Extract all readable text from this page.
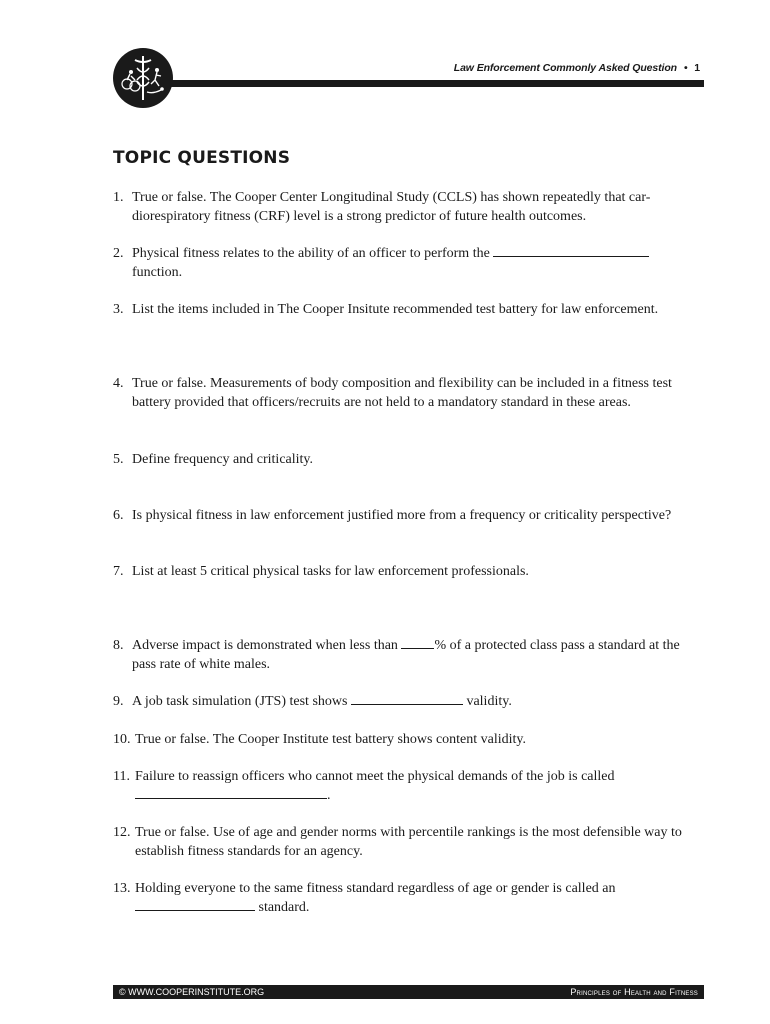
Law Enforcement Commonly Asked Question • 1
TOPIC QUESTIONS
1. True or false. The Cooper Center Longitudinal Study (CCLS) has shown repeatedly that car-diorespiratory fitness (CRF) level is a strong predictor of future health outcomes.
2. Physical fitness relates to the ability of an officer to perform the
function.
3. List the items included in The Cooper Insitute recommended test battery for law enforcement.
4. True or false. Measurements of body composition and flexibility can be included in a fitness test battery provided that officers/recruits are not held to a mandatory standard in these areas.
5. Define frequency and criticality.
6. Is physical fitness in law enforcement justified more from a frequency or criticality perspective?
7. List at least 5 critical physical tasks for law enforcement professionals.
8. Adverse impact is demonstrated when less than % of a protected class pass a standard at the pass rate of white males.
9. A job task simulation (JTS) test shows	validity.
10. True or false. The Cooper Institute test battery shows content validity.
11. Failure to reassign officers who cannot meet the physical demands of the job is called
.
12. True or false. Use of age and gender norms with percentile rankings is the most defensible way to establish fitness standards for an agency.
13. Holding everyone to the same fitness standard regardless of age or gender is called an
standard.
© WWW.COOPERINSTITUTE.ORG	Principles of Health and Fitness
